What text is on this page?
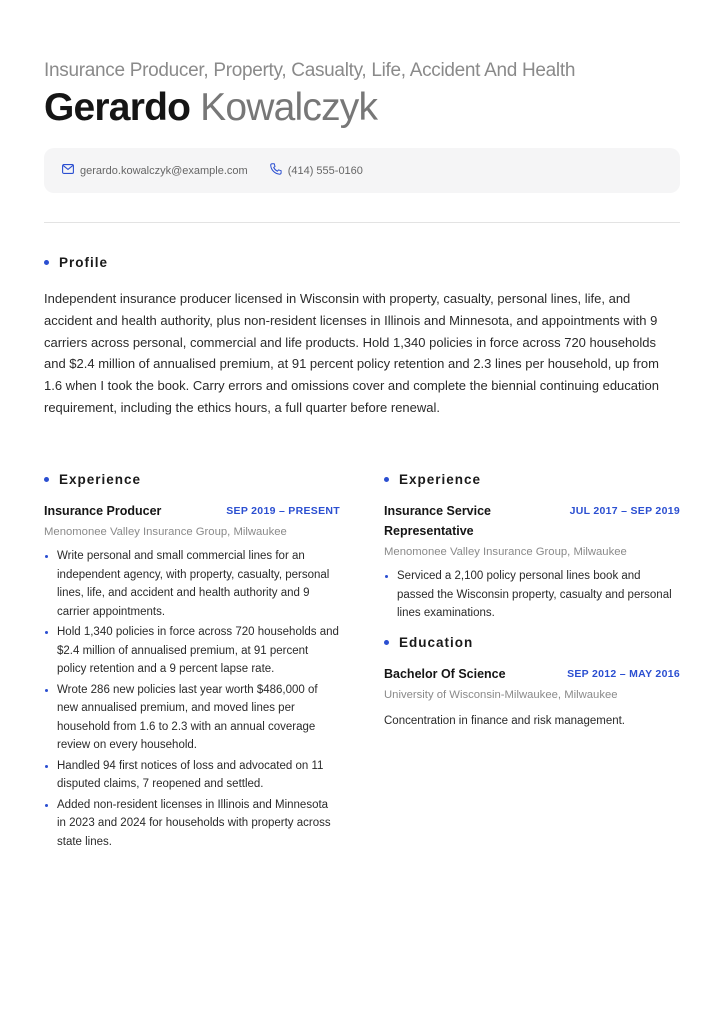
Insurance Producer, Property, Casualty, Life, Accident And Health
Gerardo Kowalczyk
gerardo.kowalczyk@example.com	(414) 555-0160
Profile
Independent insurance producer licensed in Wisconsin with property, casualty, personal lines, life, and accident and health authority, plus non-resident licenses in Illinois and Minnesota, and appointments with 9 carriers across personal, commercial and life products. Hold 1,340 policies in force across 720 households and $2.4 million of annualised premium, at 91 percent policy retention and 2.3 lines per household, up from 1.6 when I took the book. Carry errors and omissions cover and complete the biennial continuing education requirement, including the ethics hours, a full quarter before renewal.
Experience
Insurance Producer	SEP 2019 – PRESENT
Menomonee Valley Insurance Group, Milwaukee
Write personal and small commercial lines for an independent agency, with property, casualty, personal lines, life, and accident and health authority and 9 carrier appointments.
Hold 1,340 policies in force across 720 households and $2.4 million of annualised premium, at 91 percent policy retention and a 9 percent lapse rate.
Wrote 286 new policies last year worth $486,000 of new annualised premium, and moved lines per household from 1.6 to 2.3 with an annual coverage review on every household.
Handled 94 first notices of loss and advocated on 11 disputed claims, 7 reopened and settled.
Added non-resident licenses in Illinois and Minnesota in 2023 and 2024 for households with property across state lines.
Experience
Insurance Service Representative
JUL 2017 – SEP 2019
Menomonee Valley Insurance Group, Milwaukee
Serviced a 2,100 policy personal lines book and passed the Wisconsin property, casualty and personal lines examinations.
Education
Bachelor Of Science	SEP 2012 – MAY 2016
University of Wisconsin-Milwaukee, Milwaukee
Concentration in finance and risk management.
